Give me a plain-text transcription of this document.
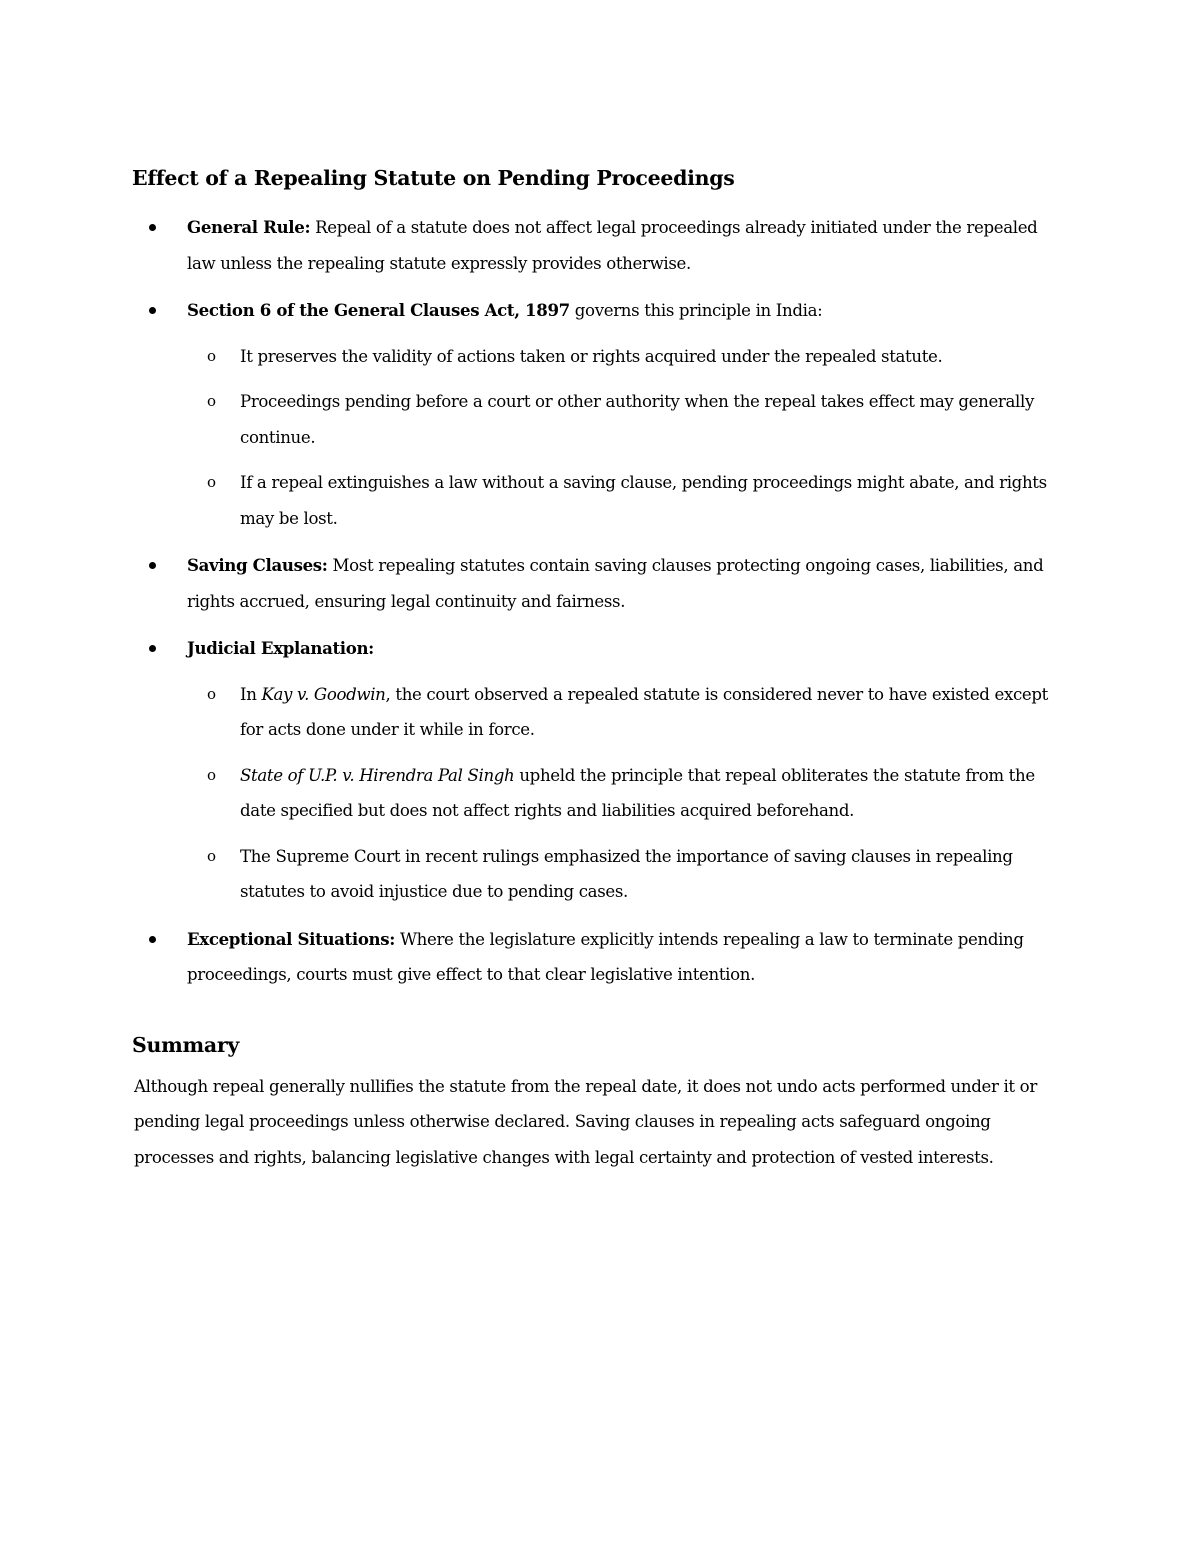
Effect of a Repealing Statute on Pending Proceedings
General Rule: Repeal of a statute does not affect legal proceedings already initiated under the repealed law unless the repealing statute expressly provides otherwise.
Section 6 of the General Clauses Act, 1897 governs this principle in India:
o It preserves the validity of actions taken or rights acquired under the repealed statute.
o Proceedings pending before a court or other authority when the repeal takes effect may generally continue.
o If a repeal extinguishes a law without a saving clause, pending proceedings might abate, and rights may be lost.
Saving Clauses: Most repealing statutes contain saving clauses protecting ongoing cases, liabilities, and rights accrued, ensuring legal continuity and fairness.
Judicial Explanation:
o In Kay v. Goodwin, the court observed a repealed statute is considered never to have existed except for acts done under it while in force.
o State of U.P. v. Hirendra Pal Singh upheld the principle that repeal obliterates the statute from the date specified but does not affect rights and liabilities acquired beforehand.
o The Supreme Court in recent rulings emphasized the importance of saving clauses in repealing statutes to avoid injustice due to pending cases.
Exceptional Situations: Where the legislature explicitly intends repealing a law to terminate pending proceedings, courts must give effect to that clear legislative intention.
Summary

Although repeal generally nullifies the statute from the repeal date, it does not undo acts performed under it or pending legal proceedings unless otherwise declared. Saving clauses in repealing acts safeguard ongoing processes and rights, balancing legislative changes with legal certainty and protection of vested interests.
